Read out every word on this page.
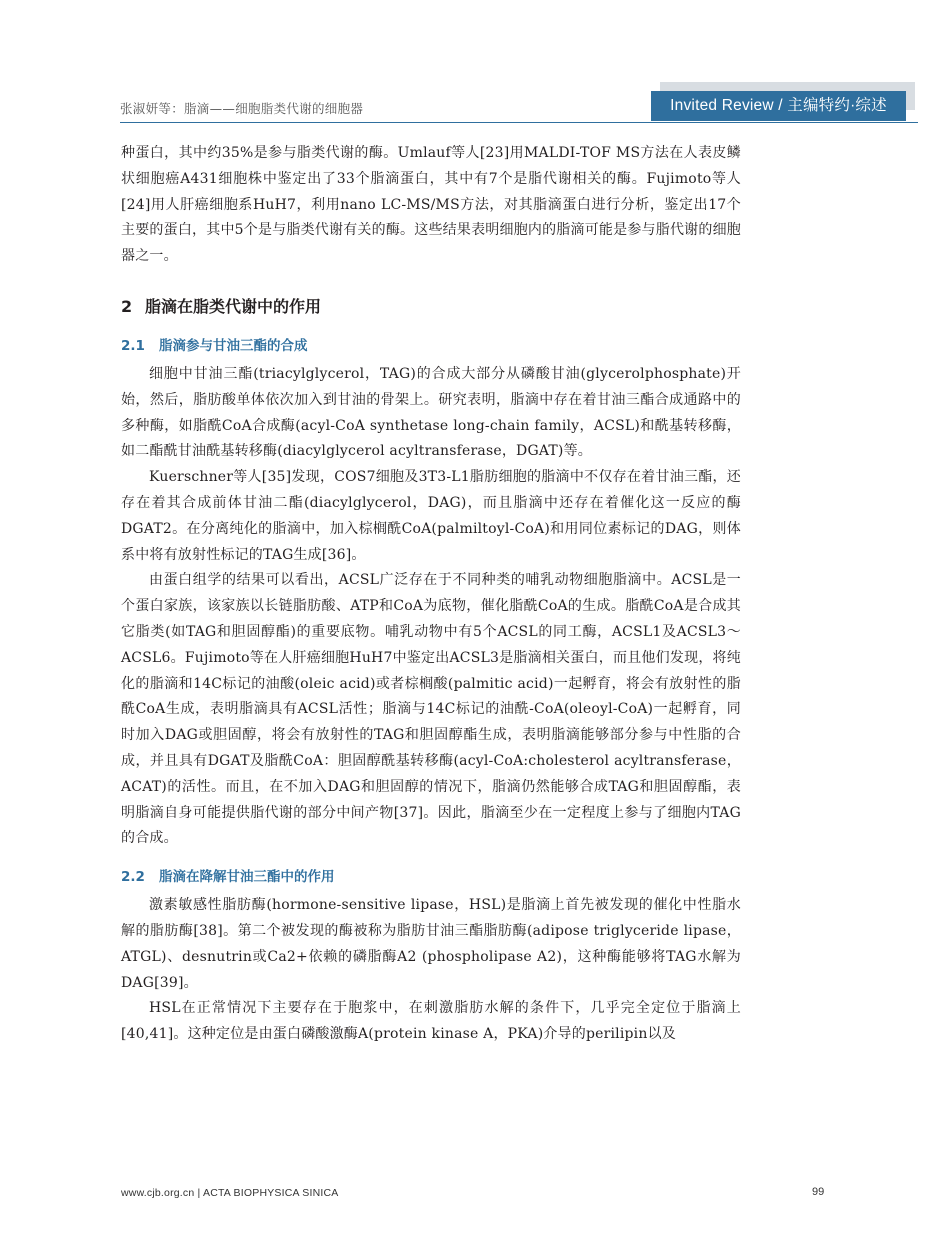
Invited Review / 主编特约·综述
张淑妍等：脂滴——细胞脂类代谢的细胞器

种蛋白，其中约35%是参与脂类代谢的酶。Umlauf等人[23]用MALDI-TOF MS方法在人表皮鳞状细胞癌A431细胞株中鉴定出了33个脂滴蛋白，其中有7个是脂代谢相关的酶。Fujimoto等人[24]用人肝癌细胞系HuH7，利用nano LC-MS/MS方法，对其脂滴蛋白进行分析，鉴定出17个主要的蛋白，其中5个是与脂类代谢有关的酶。这些结果表明细胞内的脂滴可能是参与脂代谢的细胞器之一。

2 脂滴在脂类代谢中的作用
2.1 脂滴参与甘油三酯的合成

细胞中甘油三酯(triacylglycerol，TAG)的合成大部分从磷酸甘油(glycerolphosphate)开始，然后，脂肪酸单体依次加入到甘油的骨架上。研究表明，脂滴中存在着甘油三酯合成通路中的多种酶，如脂酰CoA合成酶(acyl-CoA synthetase long-chain family，ACSL)和酰基转移酶，如二酯酰甘油酰基转移酶(diacylglycerol acyltransferase，DGAT)等。

Kuerschner等人[35]发现，COS7细胞及3T3-L1脂肪细胞的脂滴中不仅存在着甘油三酯，还存在着其合成前体甘油二酯(diacylglycerol，DAG)，而且脂滴中还存在着催化这一反应的酶DGAT2。在分离纯化的脂滴中，加入棕榈酰CoA(palmiltoyl-CoA)和用同位素标记的DAG，则体系中将有放射性标记的TAG生成[36]。

由蛋白组学的结果可以看出，ACSL广泛存在于不同种类的哺乳动物细胞脂滴中。ACSL是一个蛋白家族，该家族以长链脂肪酸、ATP和CoA为底物，催化脂酰CoA的生成。脂酰CoA是合成其它脂类(如TAG和胆固醇酯)的重要底物。哺乳动物中有5个ACSL的同工酶，ACSL1及ACSL3～ACSL6。Fujimoto等在人肝癌细胞HuH7中鉴定出ACSL3是脂滴相关蛋白，而且他们发现，将纯化的脂滴和14C标记的油酸(oleic acid)或者棕榈酸(palmitic acid)一起孵育，将会有放射性的脂酰CoA生成，表明脂滴具有ACSL活性；脂滴与14C标记的油酰-CoA(oleoyl-CoA)一起孵育，同时加入DAG或胆固醇，将会有放射性的TAG和胆固醇酯生成，表明脂滴能够部分参与中性脂的合成，并且具有DGAT及脂酰CoA：胆固醇酰基转移酶(acyl-CoA:cholesterol acyltransferase，ACAT)的活性。而且，在不加入DAG和胆固醇的情况下，脂滴仍然能够合成TAG和胆固醇酯，表明脂滴自身可能提供脂代谢的部分中间产物[37]。因此，脂滴至少在一定程度上参与了细胞内TAG的合成。

2.2 脂滴在降解甘油三酯中的作用

激素敏感性脂肪酶(hormone-sensitive lipase，HSL)是脂滴上首先被发现的催化中性脂水解的脂肪酶[38]。第二个被发现的酶被称为脂肪甘油三酯脂肪酶(adipose triglyceride lipase，ATGL)、desnutrin或Ca2+依赖的磷脂酶A2 (phospholipase A2)，这种酶能够将TAG水解为DAG[39]。

HSL在正常情况下主要存在于胞浆中，在刺激脂肪水解的条件下，几乎完全定位于脂滴上[40,41]。这种定位是由蛋白磷酸激酶A(protein kinase A，PKA)介导的perilipin以及

www.cjb.org.cn | ACTA BIOPHYSICA SINICA	99
